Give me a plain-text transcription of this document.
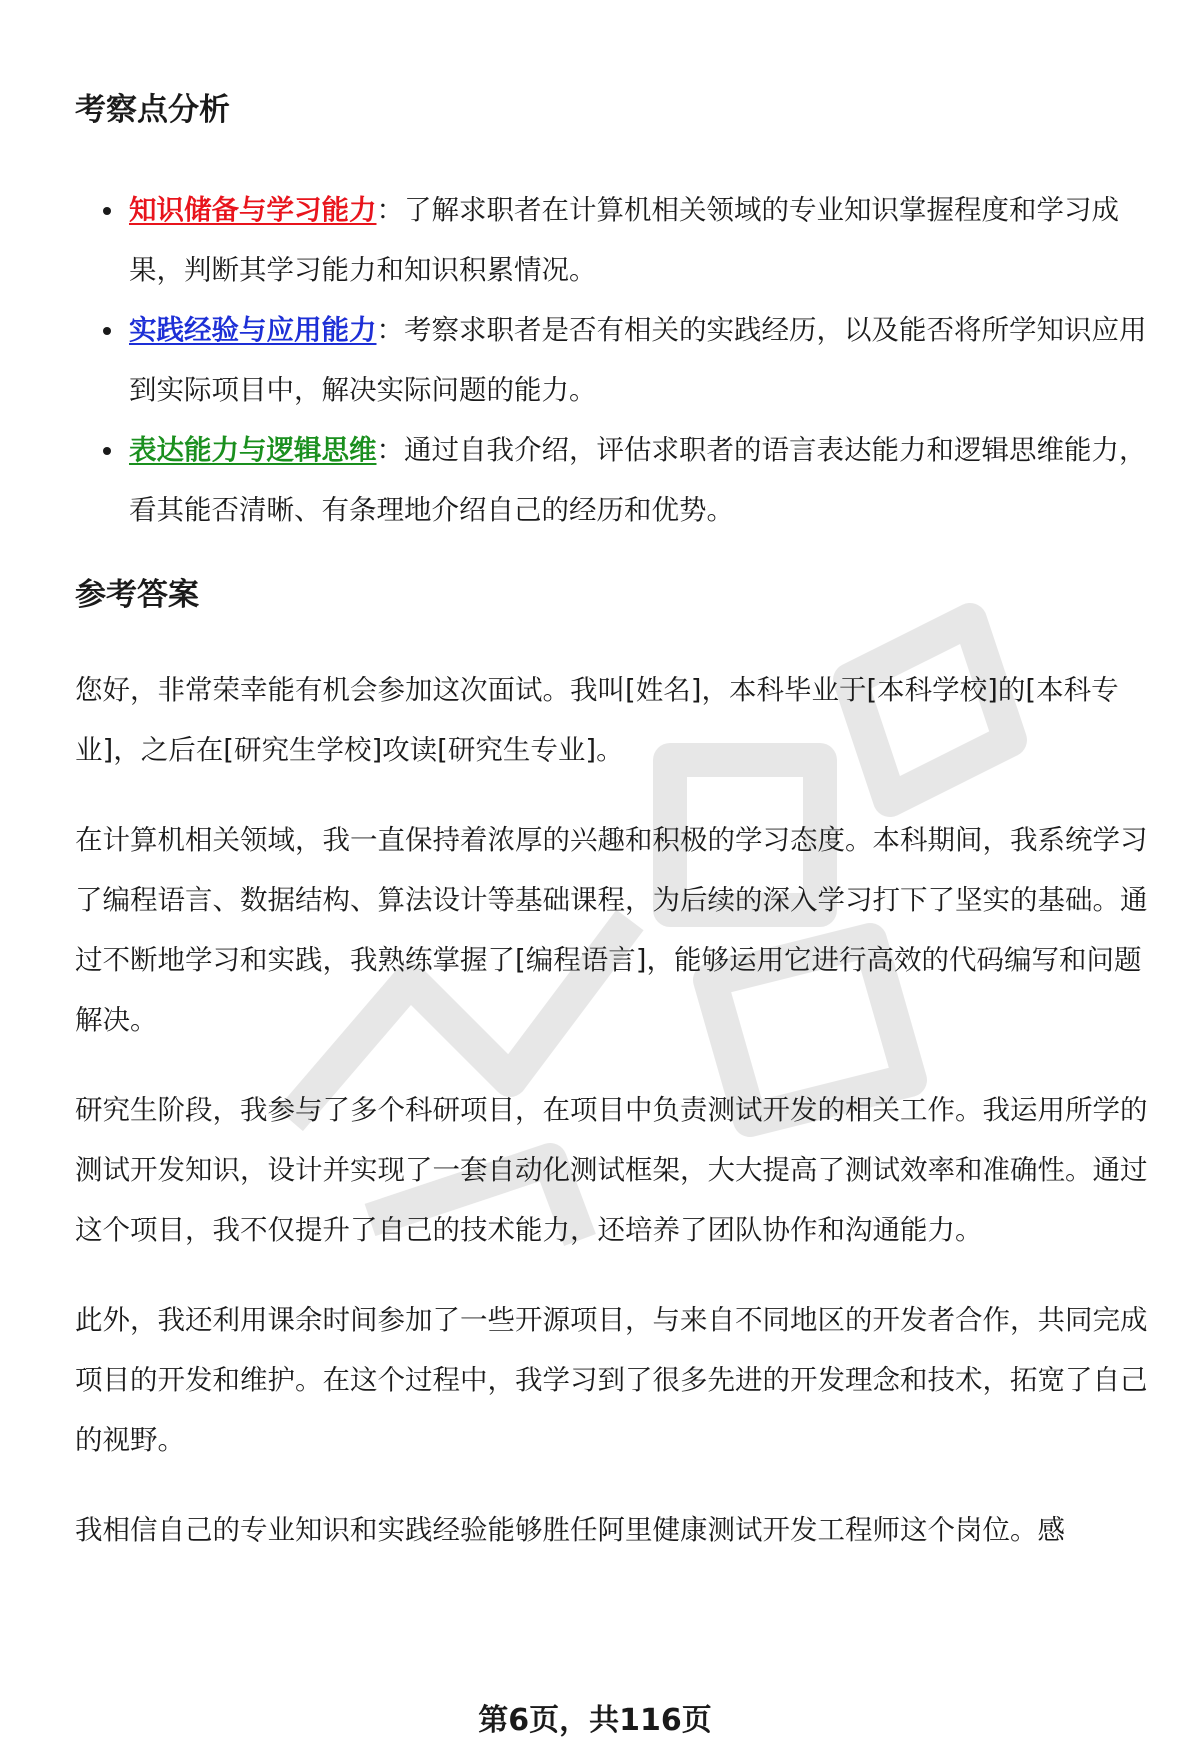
考察点分析
知识储备与学习能力：了解求职者在计算机相关领域的专业知识掌握程度和学习成果，判断其学习能力和知识积累情况。
实践经验与应用能力：考察求职者是否有相关的实践经历，以及能否将所学知识应用到实际项目中，解决实际问题的能力。
表达能力与逻辑思维：通过自我介绍，评估求职者的语言表达能力和逻辑思维能力，看其能否清晰、有条理地介绍自己的经历和优势。
参考答案

您好，非常荣幸能有机会参加这次面试。我叫[姓名]，本科毕业于[本科学校]的[本科专业]，之后在[研究生学校]攻读[研究生专业]。

在计算机相关领域，我一直保持着浓厚的兴趣和积极的学习态度。本科期间，我系统学习了编程语言、数据结构、算法设计等基础课程，为后续的深入学习打下了坚实的基础。通过不断地学习和实践，我熟练掌握了[编程语言]，能够运用它进行高效的代码编写和问题解决。

研究生阶段，我参与了多个科研项目，在项目中负责测试开发的相关工作。我运用所学的测试开发知识，设计并实现了一套自动化测试框架，大大提高了测试效率和准确性。通过这个项目，我不仅提升了自己的技术能力，还培养了团队协作和沟通能力。

此外，我还利用课余时间参加了一些开源项目，与来自不同地区的开发者合作，共同完成项目的开发和维护。在这个过程中，我学习到了很多先进的开发理念和技术，拓宽了自己的视野。

我相信自己的专业知识和实践经验能够胜任阿里健康测试开发工程师这个岗位。感

第6页，共116页
